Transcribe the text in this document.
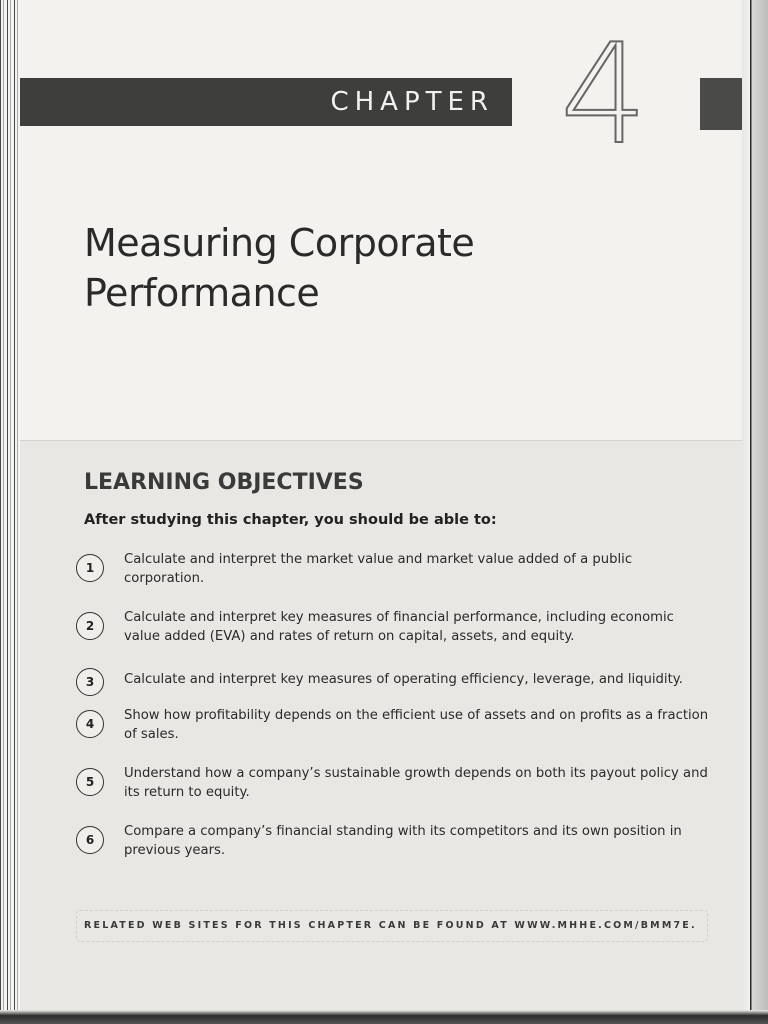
CHAPTER 4
Measuring Corporate
Performance
LEARNING OBJECTIVES
After studying this chapter, you should be able to:
1
Calculate and interpret the market value and market value added of a public corporation.
2
Calculate and interpret key measures of financial performance, including economic value added (EVA) and rates of return on capital, assets, and equity.
3	Calculate and interpret key measures of operating efficiency, leverage, and liquidity.
4
Show how profitability depends on the efficient use of assets and on profits as a fraction of sales.
5
Understand how a company’s sustainable growth depends on both its payout policy and its return to equity.
6
Compare a company’s financial standing with its competitors and its own position in previous years.
RELATED WEB SITES FOR THIS CHAPTER CAN BE FOUND AT WWW.MHHE.COM/BMM7E.
